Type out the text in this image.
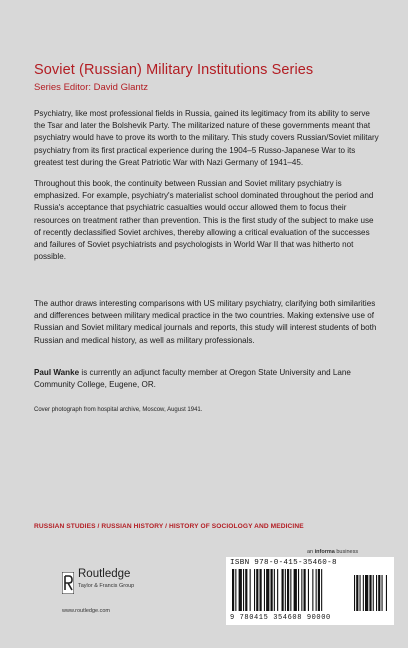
Soviet (Russian) Military Institutions Series
Series Editor: David Glantz

Psychiatry, like most professional fields in Russia, gained its legitimacy from its ability to serve the Tsar and later the Bolshevik Party. The militarized nature of these governments meant that psychiatry would have to prove its worth to the military. This study covers Russian/Soviet military psychiatry from its first practical experience during the 1904–5 Russo-Japanese War to its greatest test during the Great Patriotic War with Nazi Germany of 1941–45.

Throughout this book, the continuity between Russian and Soviet military psychiatry is emphasized. For example, psychiatry's materialist school dominated throughout the period and Russia's acceptance that psychiatric casualties would occur allowed them to focus their resources on treatment rather than prevention. This is the first study of the subject to make use of recently declassified Soviet archives, thereby allowing a critical evaluation of the successes and failures of Soviet psychiatrists and psychologists in World War II that was hitherto not possible.

The author draws interesting comparisons with US military psychiatry, clarifying both similarities and differences between military medical practice in the two countries. Making extensive use of Russian and Soviet military medical journals and reports, this study will interest students of both Russian and medical history, as well as military professionals.

Paul Wanke is currently an adjunct faculty member at Oregon State University and Lane Community College, Eugene, OR.

Cover photograph from hospital archive, Moscow, August 1941.
RUSSIAN STUDIES / RUSSIAN HISTORY / HISTORY OF SOCIOLOGY AND MEDICINE
Routledge
Taylor & Francis Group
www.routledge.com
an informa business
ISBN 978-0-415-35460-8
9 780415 354608 90000
